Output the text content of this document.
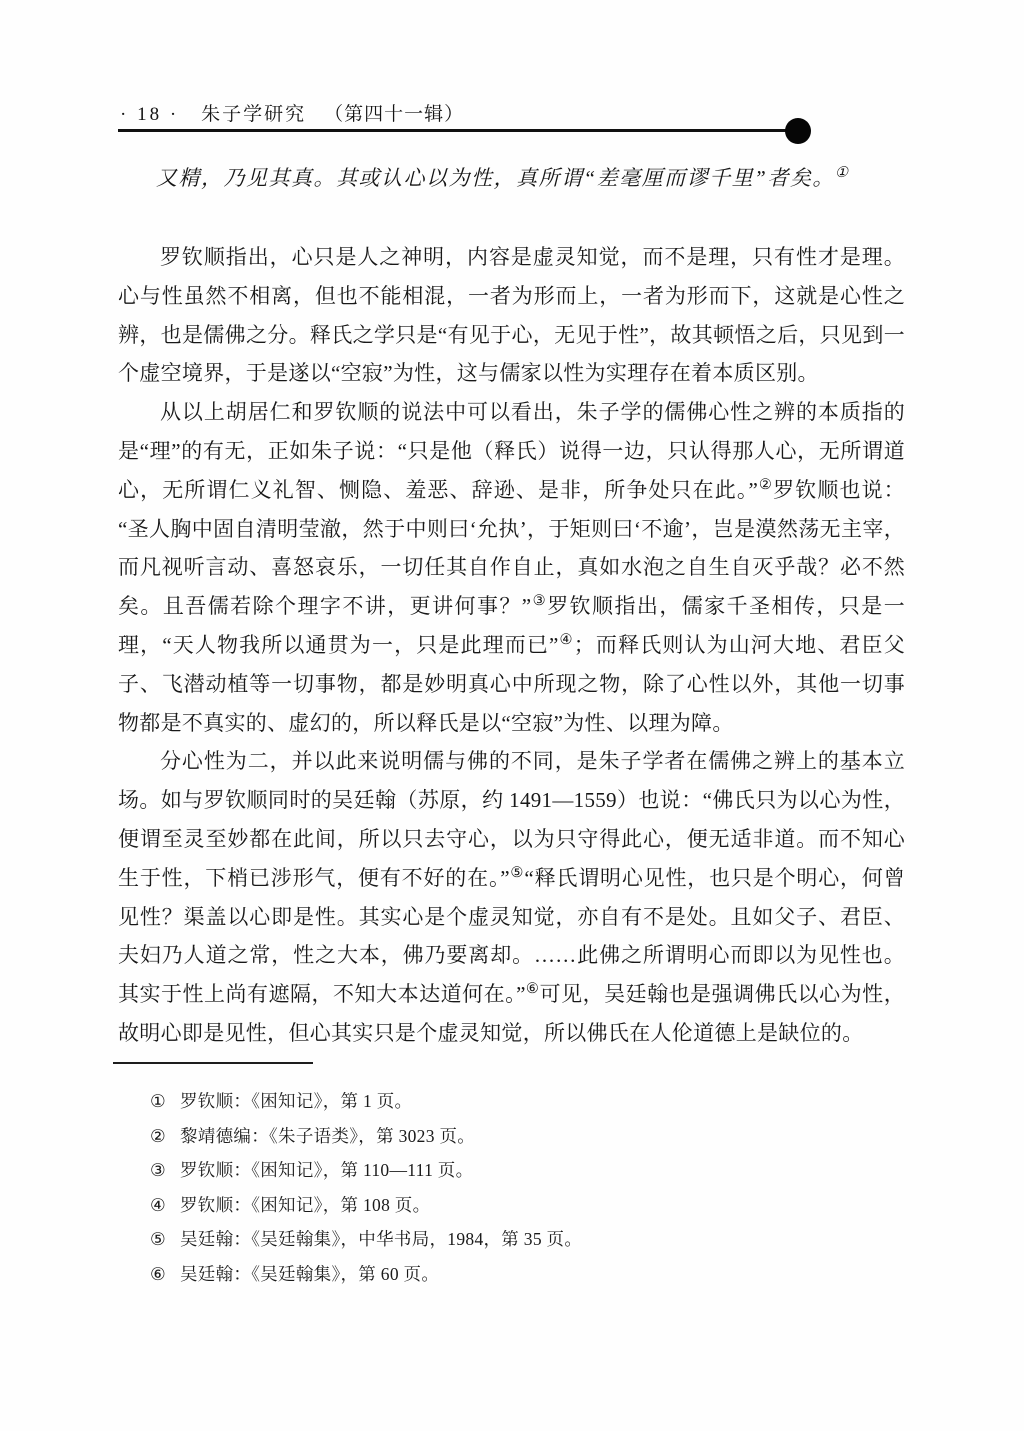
· 18 · 朱子学研究 （第四十一辑）

又精，乃见其真。其或认心以为性，真所谓“差毫厘而谬千里”者矣。①

罗钦顺指出，心只是人之神明，内容是虚灵知觉，而不是理，只有性才是理。心与性虽然不相离，但也不能相混，一者为形而上，一者为形而下，这就是心性之辨，也是儒佛之分。释氏之学只是“有见于心，无见于性”，故其顿悟之后，只见到一个虚空境界，于是遂以“空寂”为性，这与儒家以性为实理存在着本质区别。

从以上胡居仁和罗钦顺的说法中可以看出，朱子学的儒佛心性之辨的本质指的是“理”的有无，正如朱子说：“只是他（释氏）说得一边，只认得那人心，无所谓道心，无所谓仁义礼智、恻隐、羞恶、辞逊、是非，所争处只在此。”②罗钦顺也说：“圣人胸中固自清明莹澈，然于中则曰‘允执’，于矩则曰‘不逾’，岂是漠然荡无主宰，而凡视听言动、喜怒哀乐，一切任其自作自止，真如水泡之自生自灭乎哉？必不然矣。且吾儒若除个理字不讲，更讲何事？”③罗钦顺指出，儒家千圣相传，只是一理，“天人物我所以通贯为一，只是此理而已”④；而释氏则认为山河大地、君臣父子、飞潜动植等一切事物，都是妙明真心中所现之物，除了心性以外，其他一切事物都是不真实的、虚幻的，所以释氏是以“空寂”为性、以理为障。

分心性为二，并以此来说明儒与佛的不同，是朱子学者在儒佛之辨上的基本立场。如与罗钦顺同时的吴廷翰（苏原，约 1491—1559）也说：“佛氏只为以心为性，便谓至灵至妙都在此间，所以只去守心，以为只守得此心，便无适非道。而不知心生于性，下梢已涉形气，便有不好的在。”⑤“释氏谓明心见性，也只是个明心，何曾见性？渠盖以心即是性。其实心是个虚灵知觉，亦自有不是处。且如父子、君臣、夫妇乃人道之常，性之大本，佛乃要离却。……此佛之所谓明心而即以为见性也。其实于性上尚有遮隔，不知大本达道何在。”⑥可见，吴廷翰也是强调佛氏以心为性，故明心即是见性，但心其实只是个虚灵知觉，所以佛氏在人伦道德上是缺位的。

① 罗钦顺：《困知记》，第 1 页。
② 黎靖德编：《朱子语类》，第 3023 页。
③ 罗钦顺：《困知记》，第 110—111 页。
④ 罗钦顺：《困知记》，第 108 页。
⑤ 吴廷翰：《吴廷翰集》，中华书局，1984，第 35 页。
⑥ 吴廷翰：《吴廷翰集》，第 60 页。
